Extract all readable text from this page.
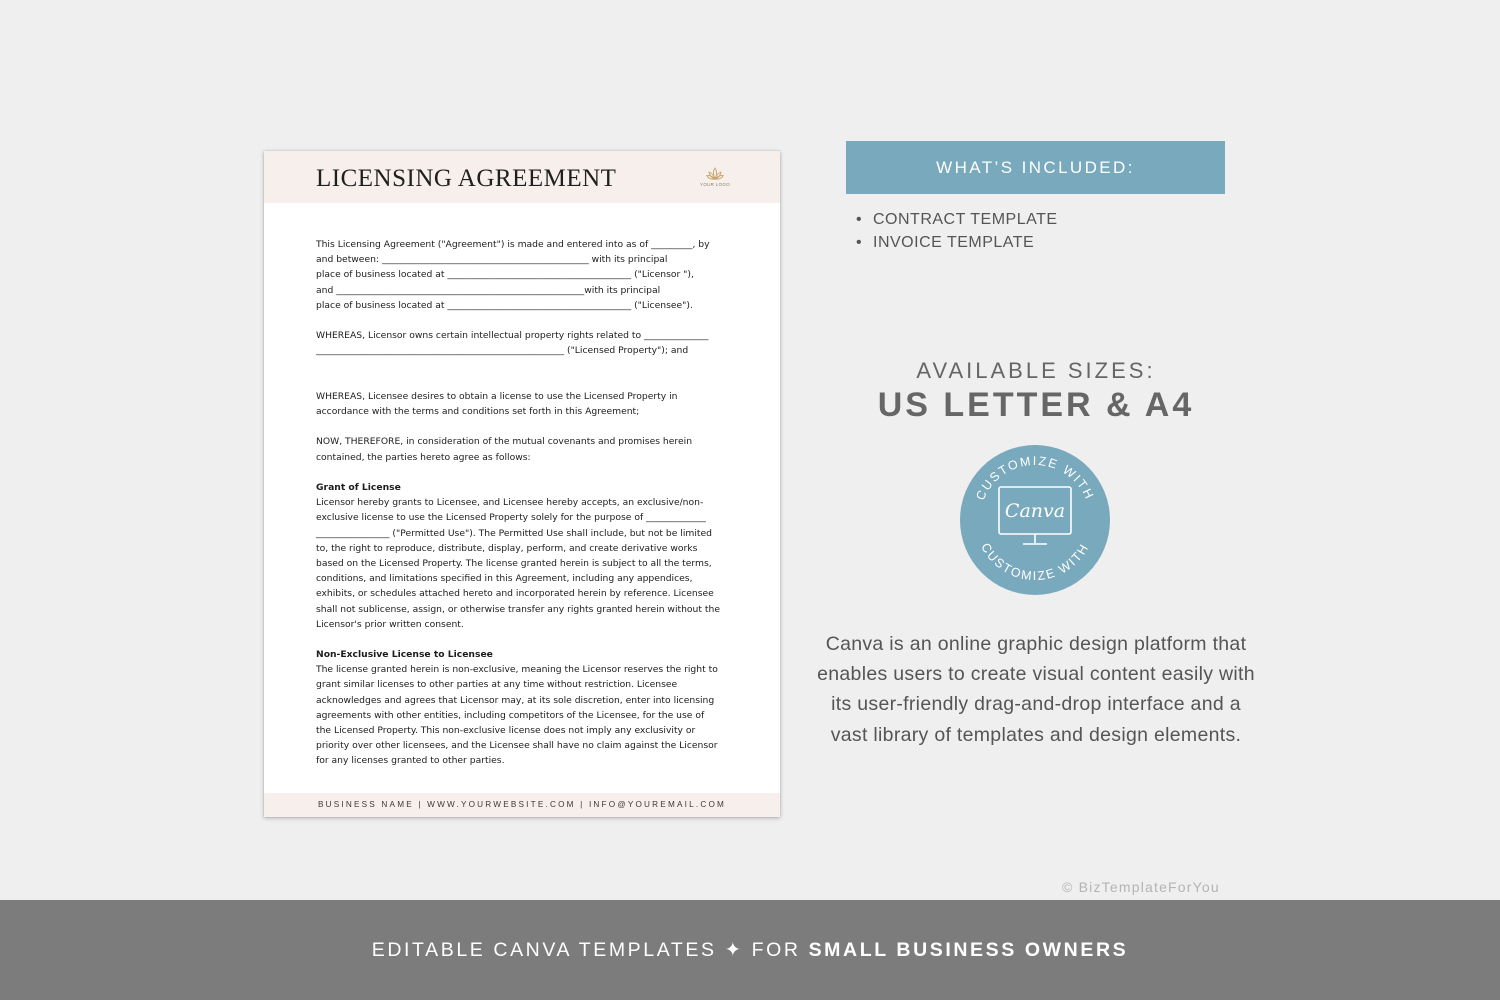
LICENSING AGREEMENT	YOUR LOGO
This Licensing Agreement ("Agreement") is made and entered into as of _________, by
and between: _____________________________________________ with its principal
place of business located at ________________________________________ ("Licensor "),
and ______________________________________________________with its principal
place of business located at ________________________________________ ("Licensee").
WHEREAS, Licensor owns certain intellectual property rights related to ______________
______________________________________________________ ("Licensed Property"); and
WHEREAS, Licensee desires to obtain a license to use the Licensed Property in
accordance with the terms and conditions set forth in this Agreement;
NOW, THEREFORE, in consideration of the mutual covenants and promises herein
contained, the parties hereto agree as follows:
Grant of License
Licensor hereby grants to Licensee, and Licensee hereby accepts, an exclusive/non-
exclusive license to use the Licensed Property solely for the purpose of _____________
________________ ("Permitted Use"). The Permitted Use shall include, but not be limited
to, the right to reproduce, distribute, display, perform, and create derivative works
based on the Licensed Property. The license granted herein is subject to all the terms,
conditions, and limitations specified in this Agreement, including any appendices,
exhibits, or schedules attached hereto and incorporated herein by reference. Licensee
shall not sublicense, assign, or otherwise transfer any rights granted herein without the
Licensor's prior written consent.
Non-Exclusive License to Licensee
The license granted herein is non-exclusive, meaning the Licensor reserves the right to
grant similar licenses to other parties at any time without restriction. Licensee
acknowledges and agrees that Licensor may, at its sole discretion, enter into licensing
agreements with other entities, including competitors of the Licensee, for the use of
the Licensed Property. This non-exclusive license does not imply any exclusivity or
priority over other licensees, and the Licensee shall have no claim against the Licensor
for any licenses granted to other parties.
BUSINESS NAME | WWW.YOURWEBSITE.COM | INFO@YOUREMAIL.COM
WHAT’S INCLUDED:
• CONTRACT TEMPLATE
• INVOICE TEMPLATE
AVAILABLE SIZES:
US LETTER & A4
CUSTOMIZE WITH
CUSTOMIZE WITH
Canva
Canva is an online graphic design platform that enables users to create visual content easily with its user-friendly drag-and-drop interface and a vast library of templates and design elements.
© BizTemplateForYou
EDITABLE CANVA TEMPLATES ✦ FOR SMALL BUSINESS OWNERS
